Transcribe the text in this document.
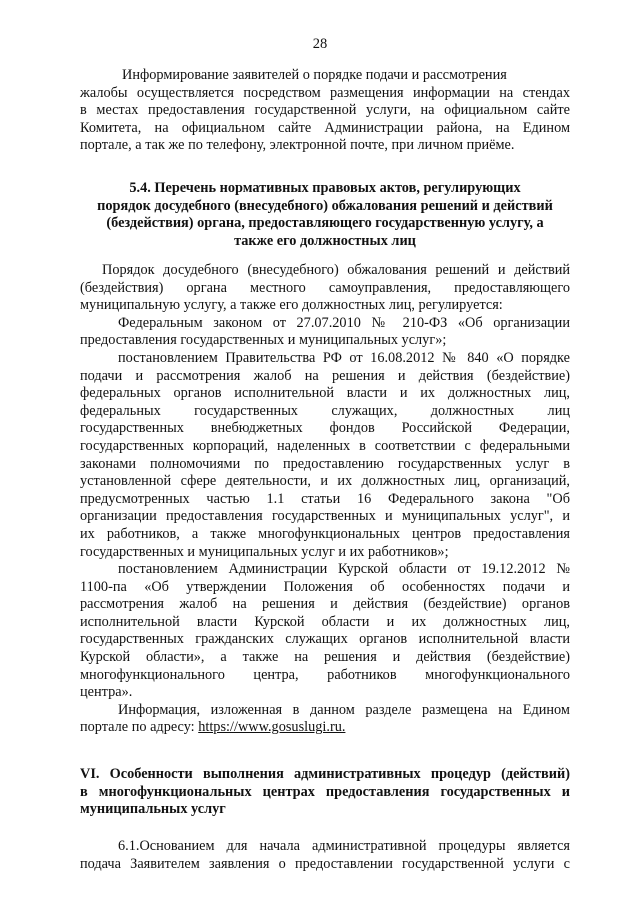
28
Информирование заявителей о порядке подачи и рассмотрения
жалобы осуществляется посредством размещения информации на стендах
в местах предоставления государственной услуги, на официальном сайте
Комитета, на официальном сайте Администрации района, на Едином
портале, а так же по телефону, электронной почте, при личном приёме.
5.4. Перечень нормативных правовых актов, регулирующих
порядок досудебного (внесудебного) обжалования решений и действий
(бездействия) органа, предоставляющего государственную услугу, а
также его должностных лиц
Порядок досудебного (внесудебного) обжалования решений и действий
(бездействия) органа местного самоуправления, предоставляющего
муниципальную услугу, а также его должностных лиц, регулируется:
Федеральным законом от 27.07.2010 № 210-ФЗ «Об организации
предоставления государственных и муниципальных услуг»;
постановлением Правительства РФ от 16.08.2012 № 840 «О порядке
подачи и рассмотрения жалоб на решения и действия (бездействие)
федеральных органов исполнительной власти и их должностных лиц,
федеральных государственных служащих, должностных лиц
государственных внебюджетных фондов Российской Федерации,
государственных корпораций, наделенных в соответствии с федеральными
законами полномочиями по предоставлению государственных услуг в
установленной сфере деятельности, и их должностных лиц, организаций,
предусмотренных частью 1.1 статьи 16 Федерального закона "Об
организации предоставления государственных и муниципальных услуг", и
их работников, а также многофункциональных центров предоставления
государственных и муниципальных услуг и их работников»;
постановлением Администрации Курской области от 19.12.2012 №
1100-па «Об утверждении Положения об особенностях подачи и
рассмотрения жалоб на решения и действия (бездействие) органов
исполнительной власти Курской области и их должностных лиц,
государственных гражданских служащих органов исполнительной власти
Курской области», а также на решения и действия (бездействие)
многофункционального центра, работников многофункционального
центра».
Информация, изложенная в данном разделе размещена на Едином
портале по адресу: https://www.gosuslugi.ru.
VI. Особенности выполнения административных процедур (действий)
в многофункциональных центрах предоставления государственных и
муниципальных услуг
6.1.Основанием для начала административной процедуры является
подача Заявителем заявления о предоставлении государственной услуги с
